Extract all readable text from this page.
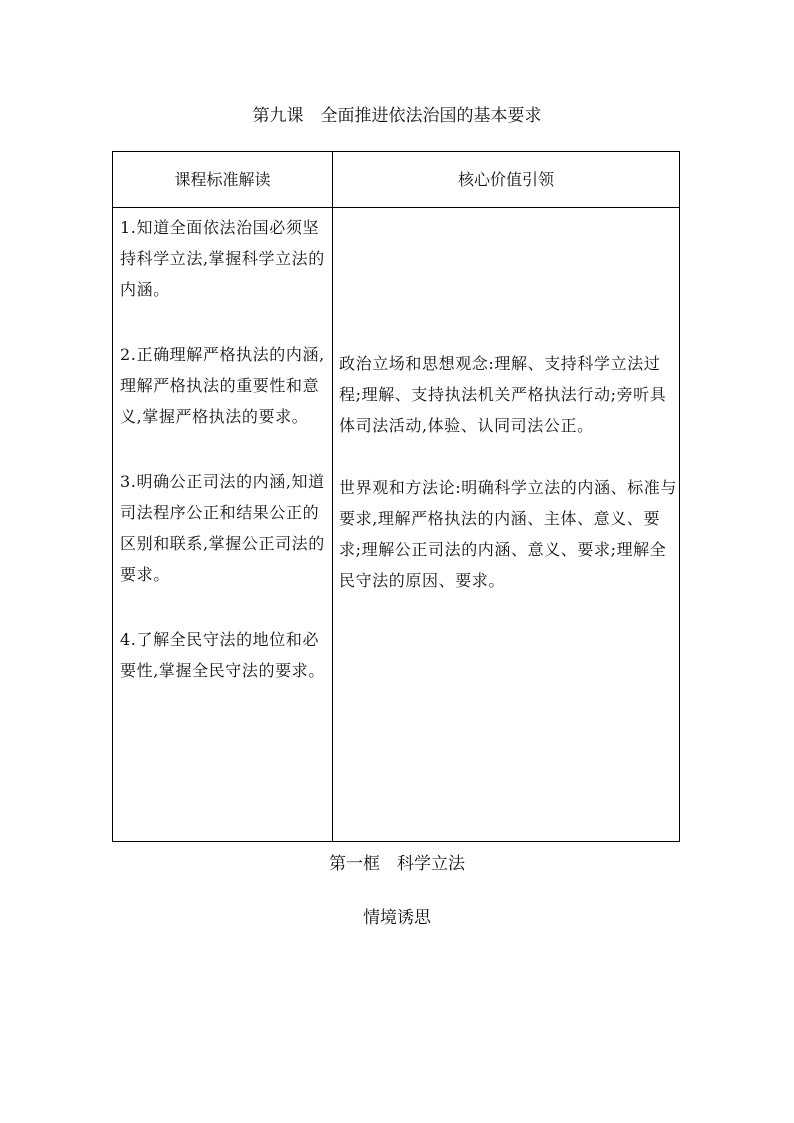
第九课　全面推进依法治国的基本要求
课程标准解读	核心价值引领

1.知道全面依法治国必须坚持科学立法,掌握科学立法的内涵。

2.正确理解严格执法的内涵,理解严格执法的重要性和意义,掌握严格执法的要求。

3.明确公正司法的内涵,知道司法程序公正和结果公正的区别和联系,掌握公正司法的要求。

4.了解全民守法的地位和必要性,掌握全民守法的要求。

政治立场和思想观念:理解、支持科学立法过程;理解、支持执法机关严格执法行动;旁听具体司法活动,体验、认同司法公正。

世界观和方法论:明确科学立法的内涵、标准与要求,理解严格执法的内涵、主体、意义、要求;理解公正司法的内涵、意义、要求;理解全民守法的原因、要求。

第一框　科学立法
情境诱思
